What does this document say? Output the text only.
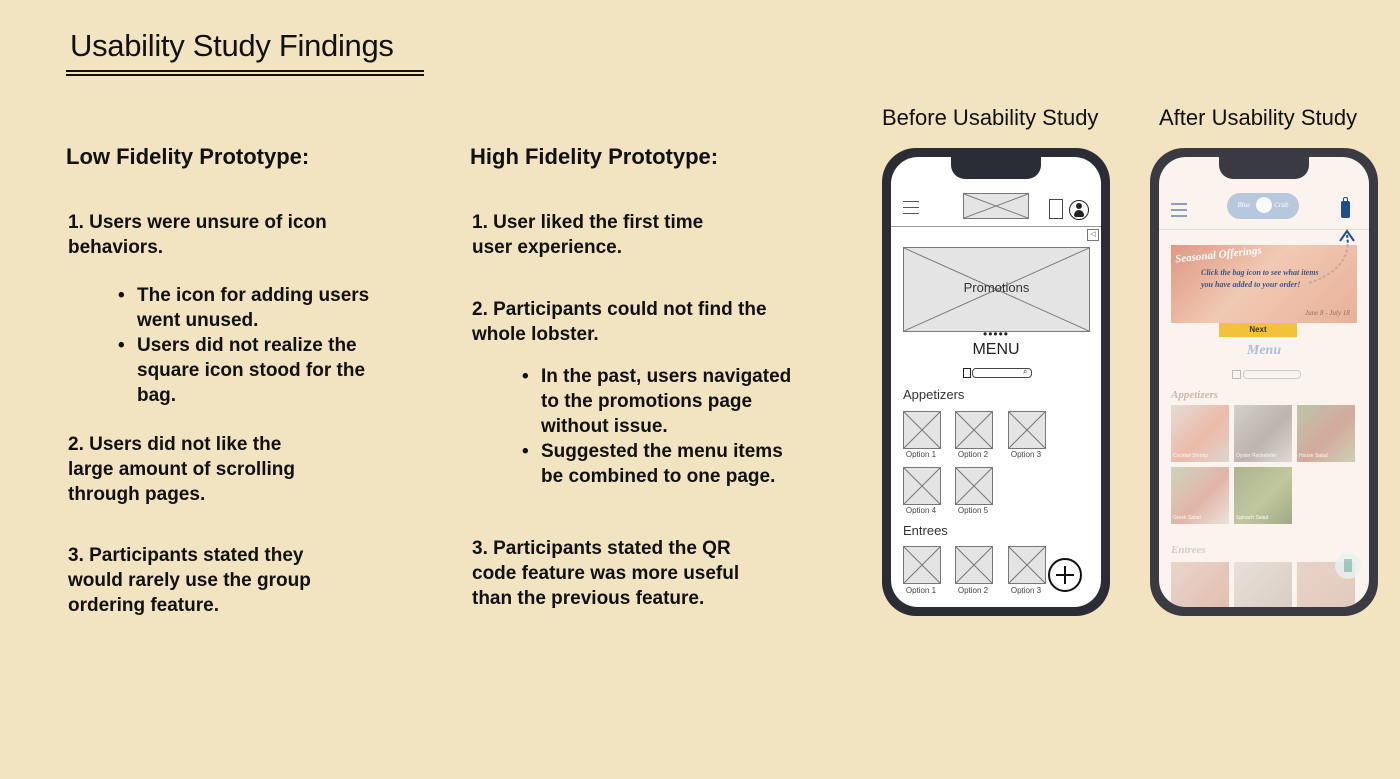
Usability Study Findings
Low Fidelity Prototype:
1. Users were unsure of icon behaviors.
• The icon for adding users went unused.
• Users did not realize the square icon stood for the bag.
2. Users did not like the large amount of scrolling through pages.
3. Participants stated they would rarely use the group ordering feature.
High Fidelity Prototype:
1. User liked the first time user experience.
2. Participants could not find the whole lobster.
• In the past, users navigated to the promotions page without issue.
• Suggested the menu items be combined to one page.
3. Participants stated the QR code feature was more useful than the previous feature.
Before Usability Study	After Usability Study
◁
Promotions
•••••
MENU
⌕
Appetizers
Option 1	Option 2	Option 3
Option 4	Option 5
Entrees
Option 1	Option 2	Option 3
Blue Crab
Seasonal Offerings
Click the bag icon to see what items you have added to your order!
June 8 - July 18
Next
Menu
Appetizers
Cocktail Shrimp	Oyster Rockefeller	House Salad
Greek Salad	Spinach Salad
Entrees
